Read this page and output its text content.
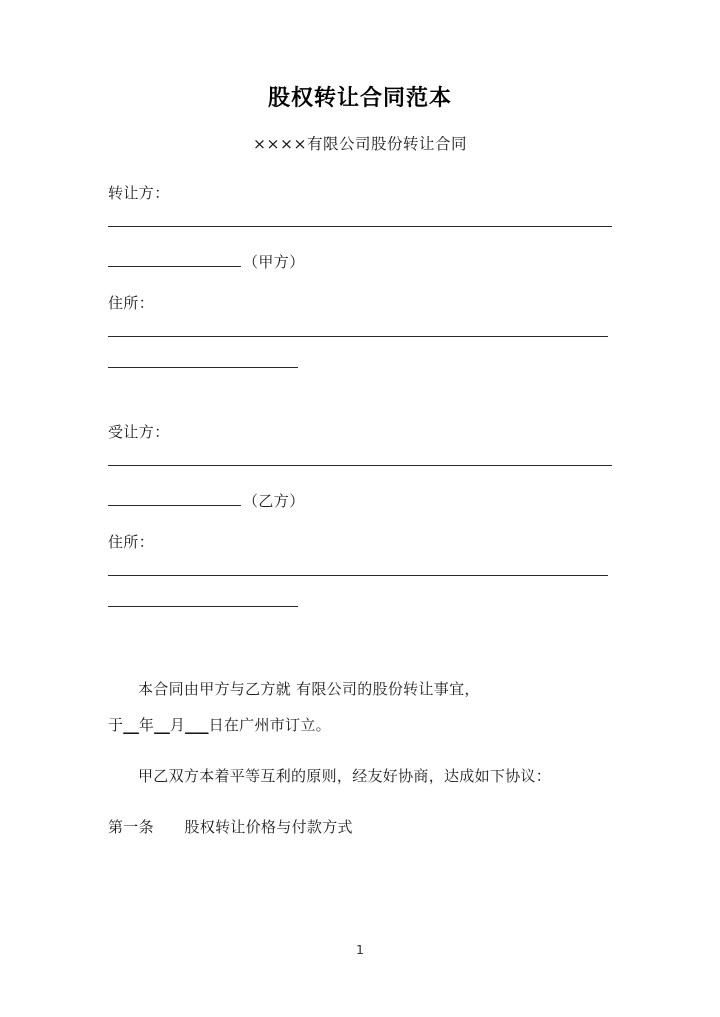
股权转让合同范本
××××有限公司股份转让合同
转让方：
（甲方）
住所：
受让方：
（乙方）
住所：

本合同由甲方与乙方就 有限公司的股份转让事宜，
于__年__月___日在广州市订立。

甲乙双方本着平等互利的原则，经友好协商，达成如下协议：

第一条　　 股权转让价格与付款方式
1
